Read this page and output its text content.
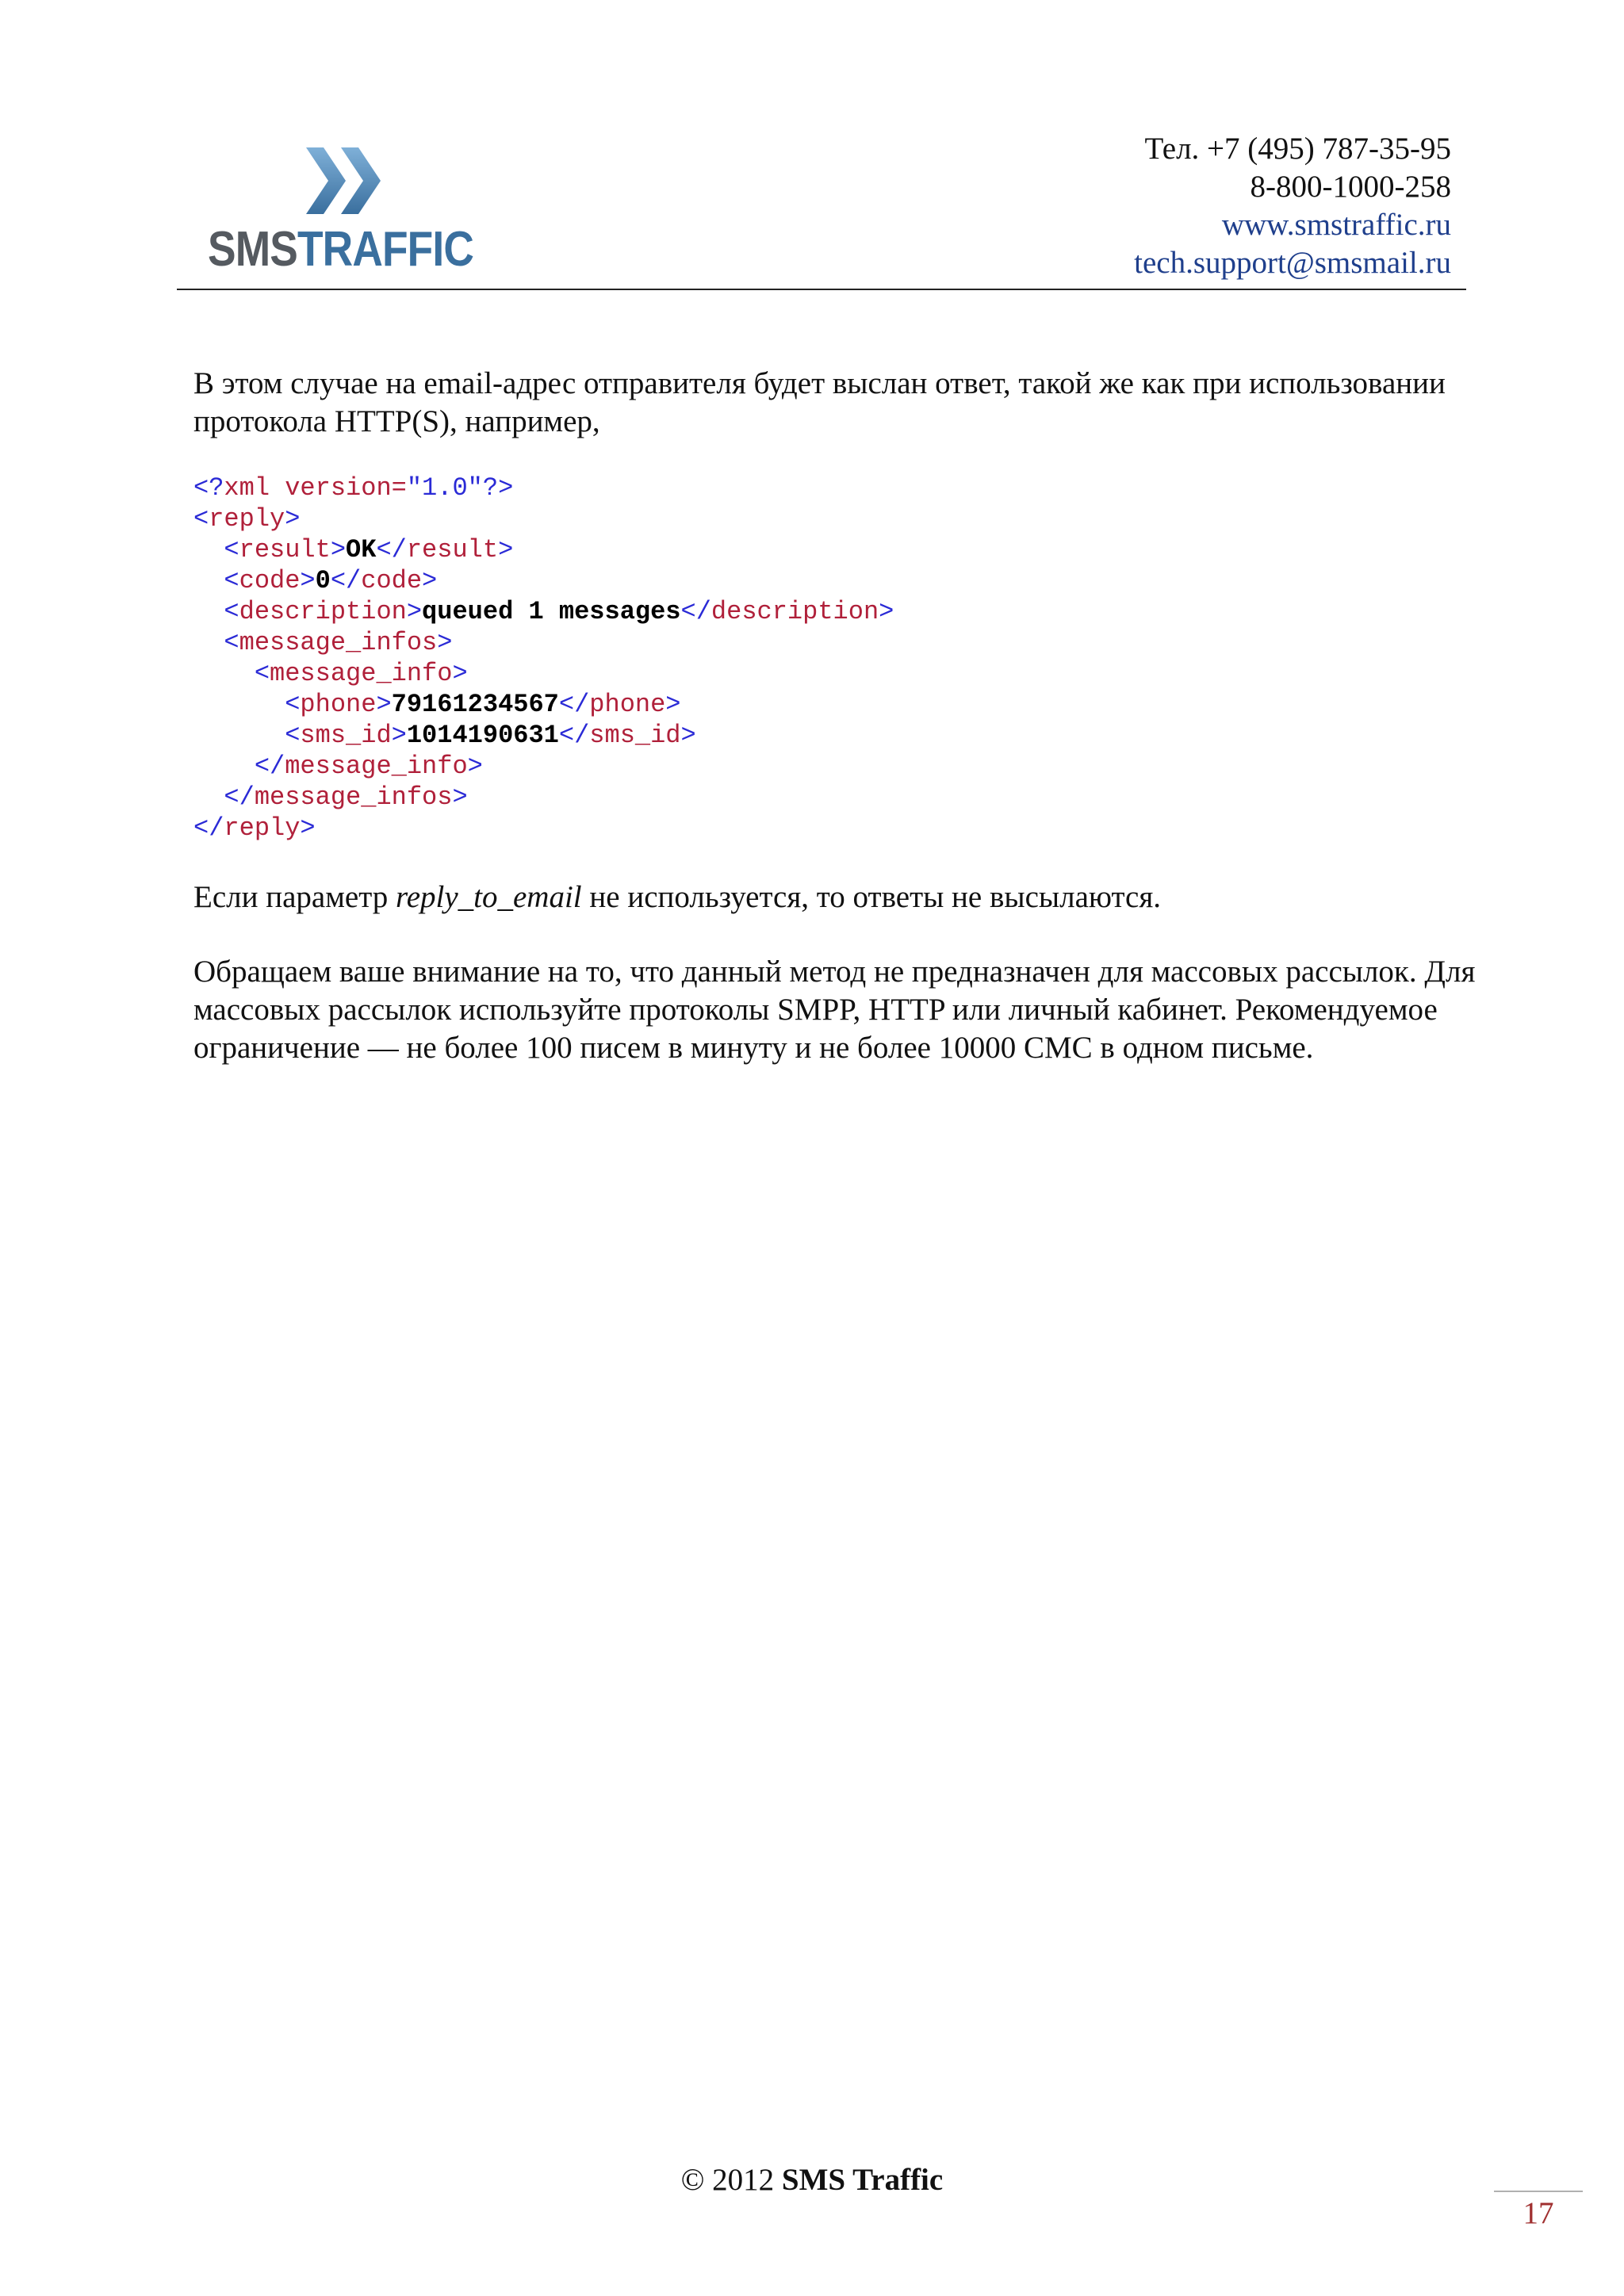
SMSTRAFFIC
Тел. +7 (495) 787-35-95
8-800-1000-258
www.smstraffic.ru
tech.support@smsmail.ru

В этом случае на email-адрес отправителя будет выслан ответ, такой же как при использовании протокола HTTP(S), например,

<?xml version="1.0"?>
<reply>
<result>OK</result>
<code>0</code>
<description>queued 1 messages</description>
<message_infos>
<message_info>
<phone>79161234567</phone>
<sms_id>1014190631</sms_id>
</message_info>
</message_infos>
</reply>

Если параметр reply_to_email не используется, то ответы не высылаются.

Обращаем ваше внимание на то, что данный метод не предназначен для массовых рассылок. Для массовых рассылок используйте протоколы SMPP, HTTP или личный кабинет. Рекомендуемое ограничение — не более 100 писем в минуту и не более 10000 СМС в одном письме.

© 2012 SMS Traffic
17
